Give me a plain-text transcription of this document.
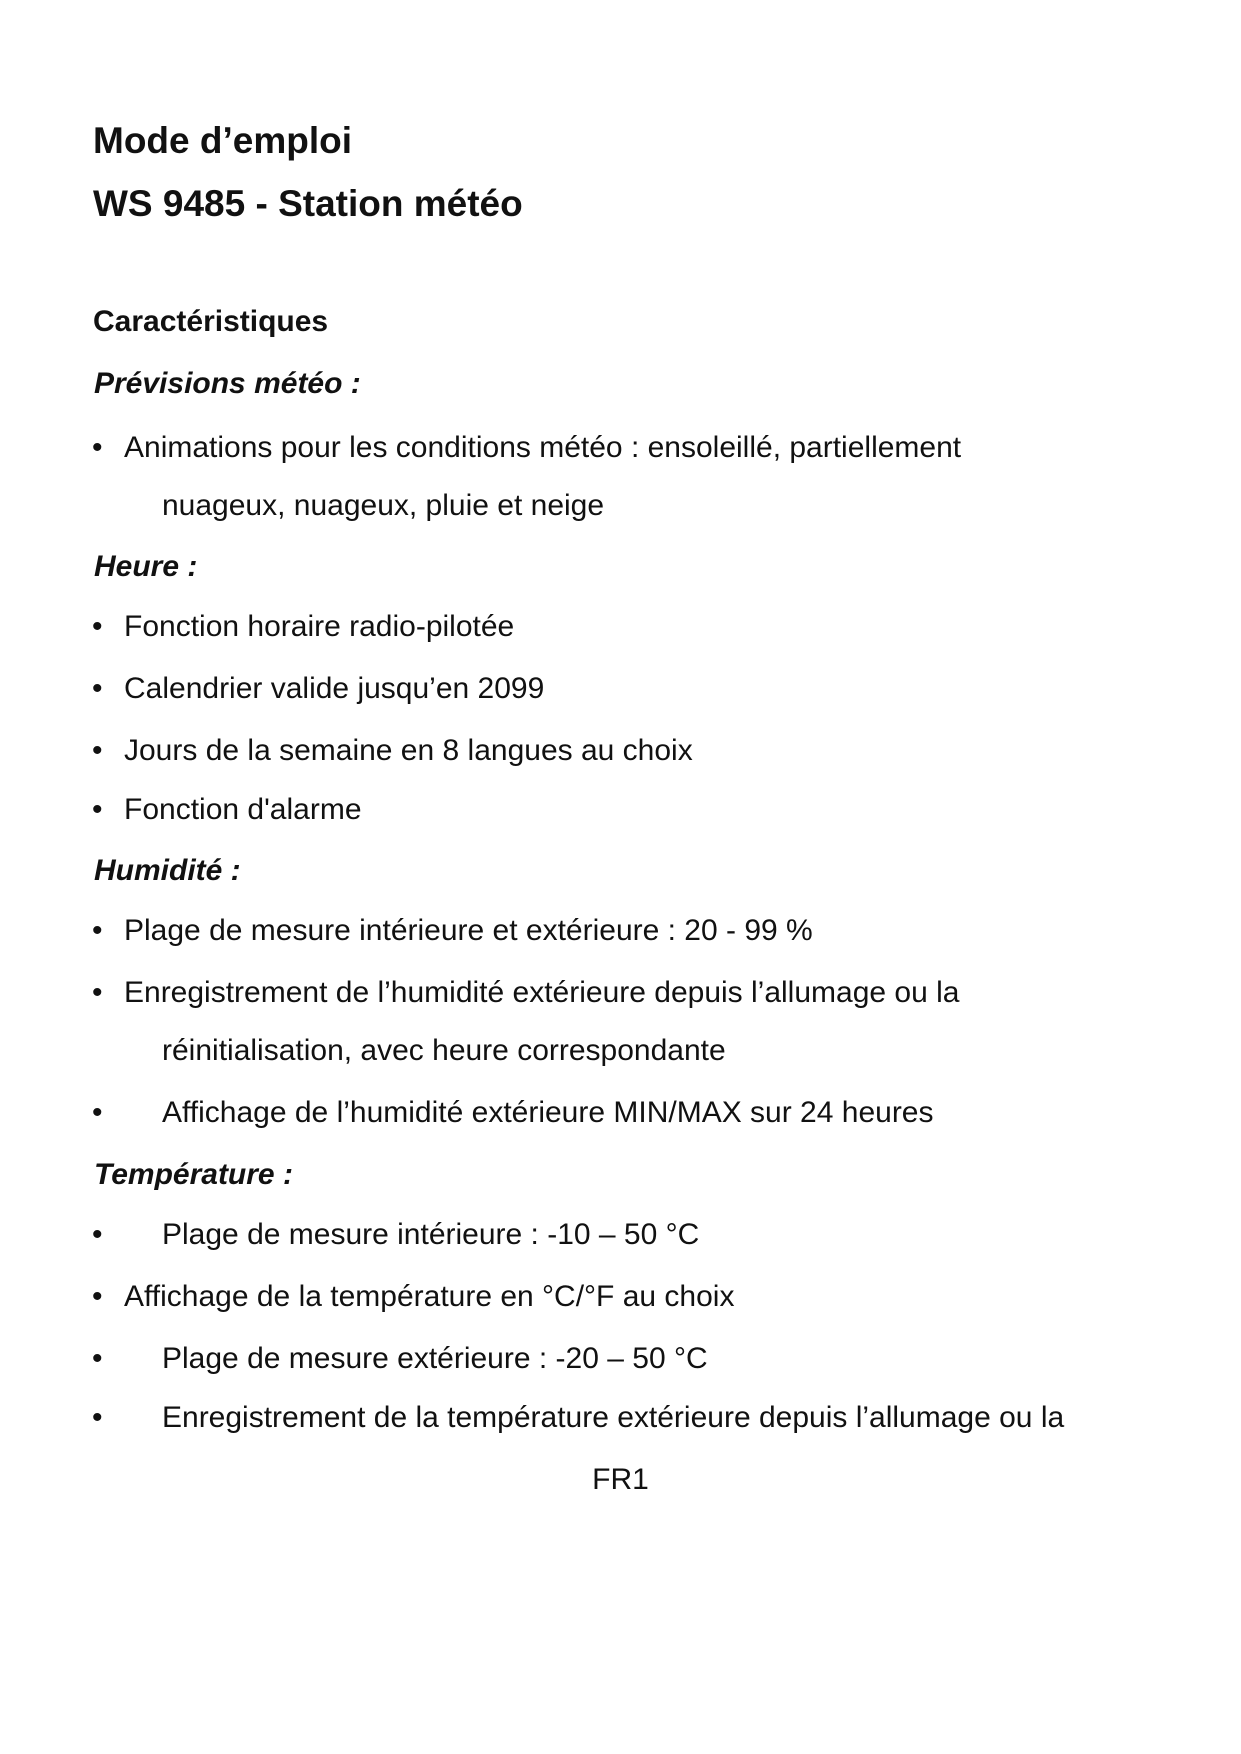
Mode d’emploi
WS 9485 - Station météo
Caractéristiques
Prévisions météo :
• Animations pour les conditions météo : ensoleillé, partiellement

nuageux, nuageux, pluie et neige

Heure :
• Fonction horaire radio-pilotée

• Calendrier valide jusqu’en 2099

• Jours de la semaine en 8 langues au choix

• Fonction d'alarme

Humidité :
• Plage de mesure intérieure et extérieure : 20 - 99 %

• Enregistrement de l’humidité extérieure depuis l’allumage ou la

réinitialisation, avec heure correspondante

• Affichage de l’humidité extérieure MIN/MAX sur 24 heures

Température :
• Plage de mesure intérieure : -10 – 50 °C

• Affichage de la température en °C/°F au choix

• Plage de mesure extérieure : -20 – 50 °C

• Enregistrement de la température extérieure depuis l’allumage ou la

FR1
